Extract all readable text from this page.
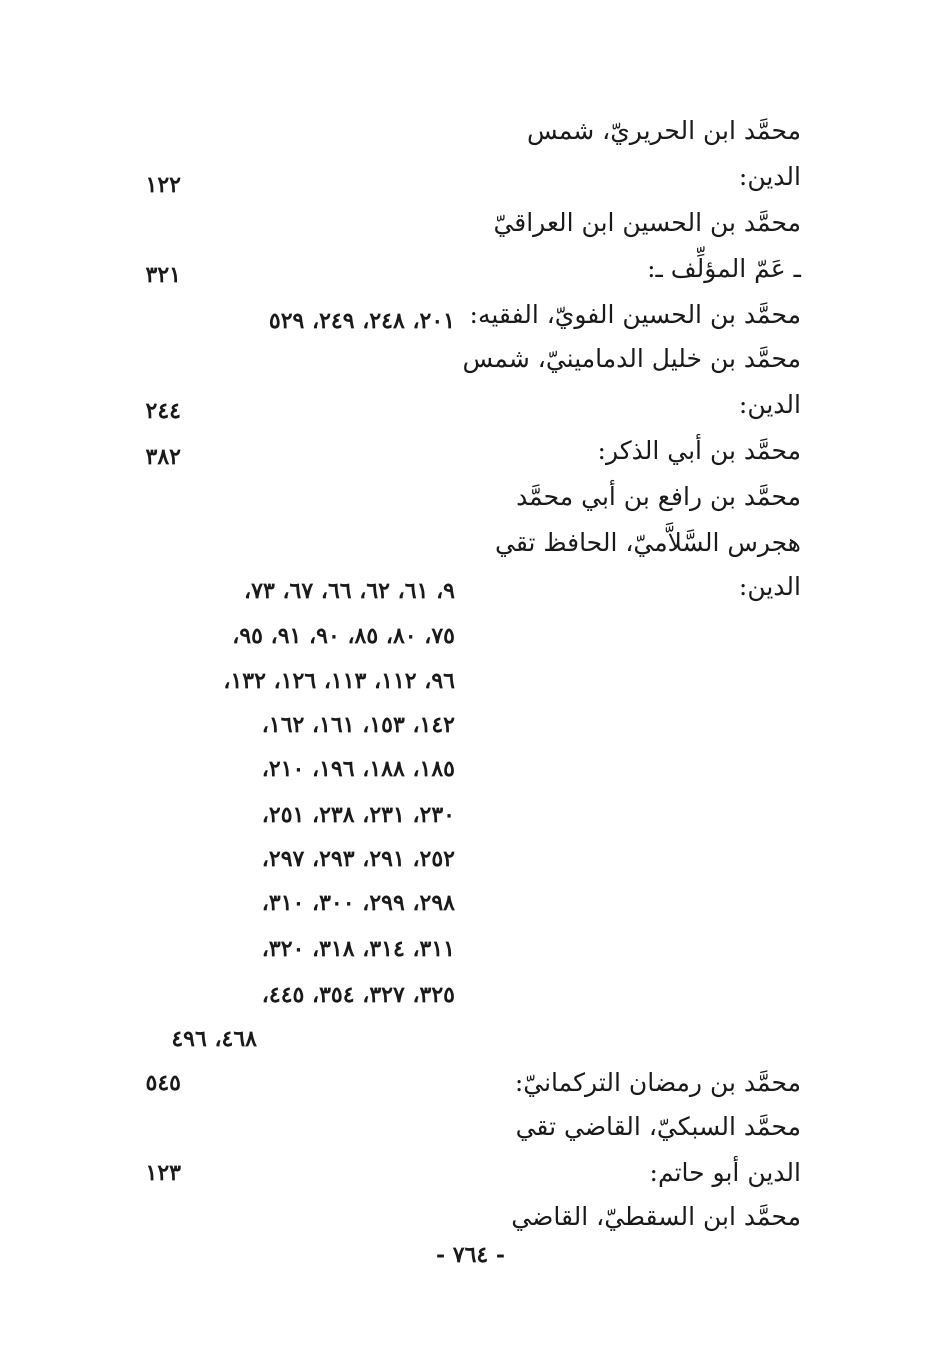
محمَّد ابن الحريريّ، شمس
الدين:
محمَّد بن الحسين ابن العراقيّ
ـ عَمّ المؤلِّف ـ:
محمَّد بن الحسين الفويّ، الفقيه:
محمَّد بن خليل الدمامينيّ، شمس
الدين:
محمَّد بن أبي الذكر:
محمَّد بن رافع بن أبي محمَّد
هجرس السَّلاَّميّ، الحافظ تقي
الدين:
محمَّد بن رمضان التركمانيّ:
محمَّد السبكيّ، القاضي تقي
الدين أبو حاتم:
محمَّد ابن السقطيّ، القاضي
١٢٢
٣٢١
٢٠١، ٢٤٨، ٢٤٩، ٥٢٩
٢٤٤
٣٨٢
٩، ٦١، ٦٢، ٦٦، ٦٧، ٧٣،
٧٥، ٨٠، ٨٥، ٩٠، ٩١، ٩٥،
٩٦، ١١٢، ١١٣، ١٢٦، ١٣٢،
١٤٢، ١٥٣، ١٦١، ١٦٢،
١٨٥، ١٨٨، ١٩٦، ٢١٠،
٢٣٠، ٢٣١، ٢٣٨، ٢٥١،
٢٥٢، ٢٩١، ٢٩٣، ٢٩٧،
٢٩٨، ٢٩٩، ٣٠٠، ٣١٠،
٣١١، ٣١٤، ٣١٨، ٣٢٠،
٣٢٥، ٣٢٧، ٣٥٤، ٤٤٥،
٤٦٨، ٤٩٦
٥٤٥
١٢٣
- ٧٦٤ -
